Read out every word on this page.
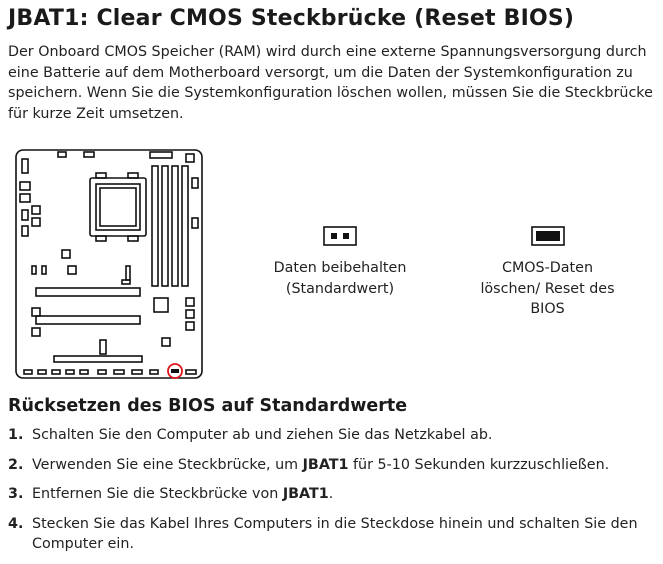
JBAT1: Clear CMOS Steckbrücke (Reset BIOS)

Der Onboard CMOS Speicher (RAM) wird durch eine externe Spannungsversorgung durch eine Batterie auf dem Motherboard versorgt, um die Daten der Systemkonfiguration zu speichern. Wenn Sie die Systemkonfiguration löschen wollen, müssen Sie die Steckbrücke für kurze Zeit umsetzen.

Daten beibehalten (Standardwert)
CMOS-Daten löschen/ Reset des BIOS
Rücksetzen des BIOS auf Standardwerte
1. Schalten Sie den Computer ab und ziehen Sie das Netzkabel ab.
2. Verwenden Sie eine Steckbrücke, um JBAT1 für 5-10 Sekunden kurzzuschließen.
3. Entfernen Sie die Steckbrücke von JBAT1.
4. Stecken Sie das Kabel Ihres Computers in die Steckdose hinein und schalten Sie den Computer ein.
